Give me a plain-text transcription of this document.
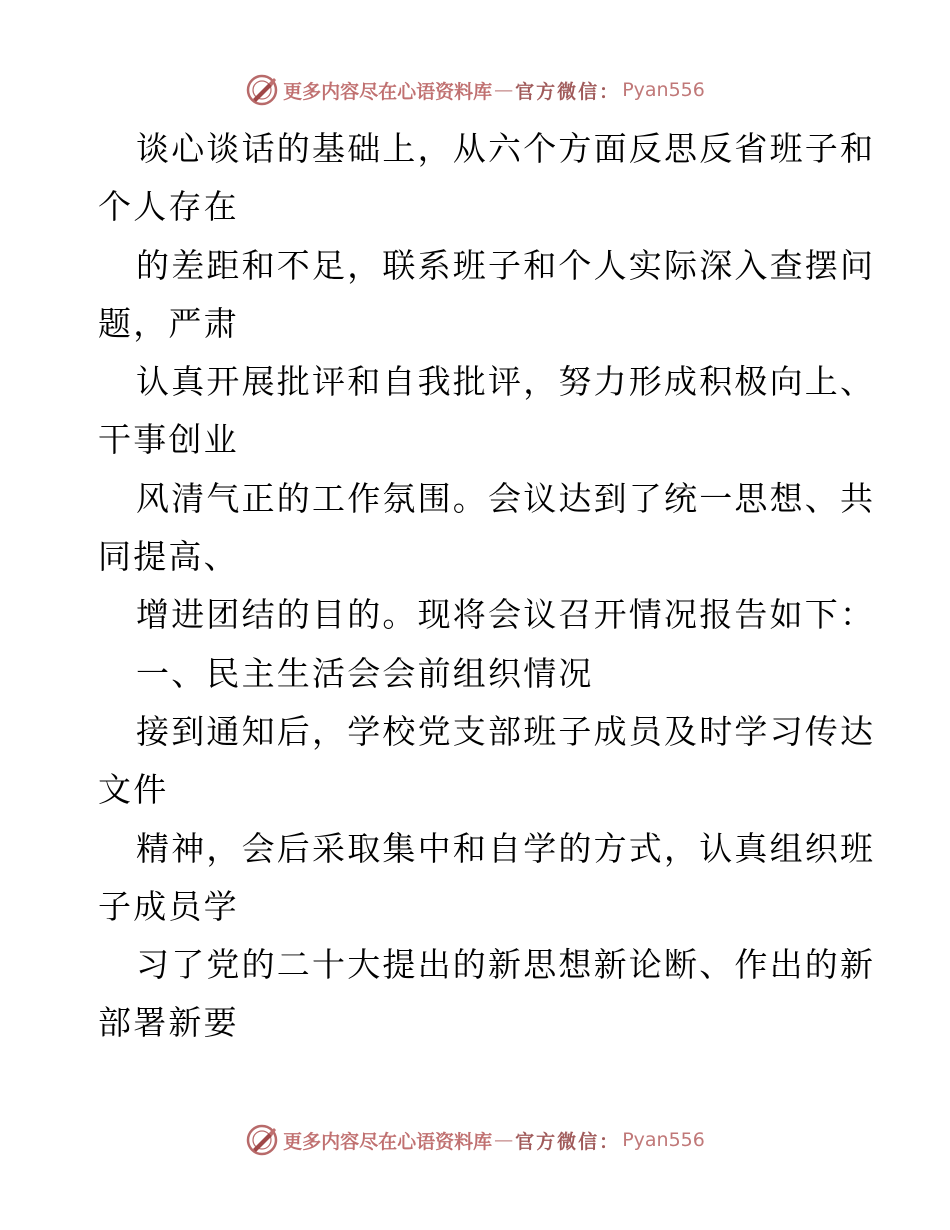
更多内容尽在心语资料库 — 官方微信： Pyan556
谈心谈话的基础上，从六个方面反思反省班子和
个人存在
的差距和不足，联系班子和个人实际深入查摆问
题，严肃
认真开展批评和自我批评，努力形成积极向上、
干事创业
风清气正的工作氛围。会议达到了统一思想、共
同提高、
增进团结的目的。现将会议召开情况报告如下：
一、民主生活会会前组织情况
接到通知后，学校党支部班子成员及时学习传达
文件
精神，会后采取集中和自学的方式，认真组织班
子成员学
习了党的二十大提出的新思想新论断、作出的新
部署新要
更多内容尽在心语资料库 — 官方微信： Pyan556
